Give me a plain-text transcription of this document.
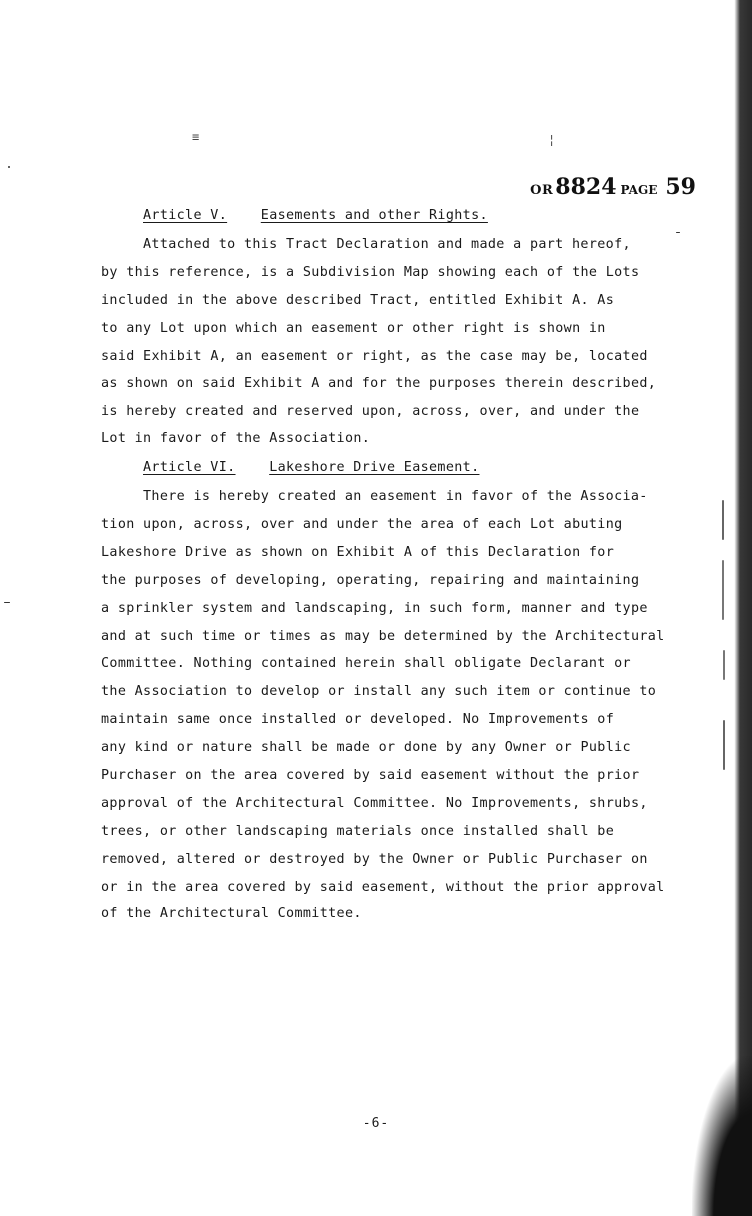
≡	¦
OR8824 PAGE 59
Article V.	Easements and other Rights.
Attached to this Tract Declaration and made a part hereof,
by this reference, is a Subdivision Map showing each of the Lots
included in the above described Tract, entitled Exhibit A. As
to any Lot upon which an easement or other right is shown in
said Exhibit A, an easement or right, as the case may be, located
as shown on said Exhibit A and for the purposes therein described,
is hereby created and reserved upon, across, over, and under the
Lot in favor of the Association.
Article VI.	Lakeshore Drive Easement.
There is hereby created an easement in favor of the Associa-
tion upon, across, over and under the area of each Lot abuting
Lakeshore Drive as shown on Exhibit A of this Declaration for
the purposes of developing, operating, repairing and maintaining
a sprinkler system and landscaping, in such form, manner and type
and at such time or times as may be determined by the Architectural
Committee. Nothing contained herein shall obligate Declarant or
the Association to develop or install any such item or continue to
maintain same once installed or developed. No Improvements of
any kind or nature shall be made or done by any Owner or Public
Purchaser on the area covered by said easement without the prior
approval of the Architectural Committee. No Improvements, shrubs,
trees, or other landscaping materials once installed shall be
removed, altered or destroyed by the Owner or Public Purchaser on
or in the area covered by said easement, without the prior approval
of the Architectural Committee.
-6-
